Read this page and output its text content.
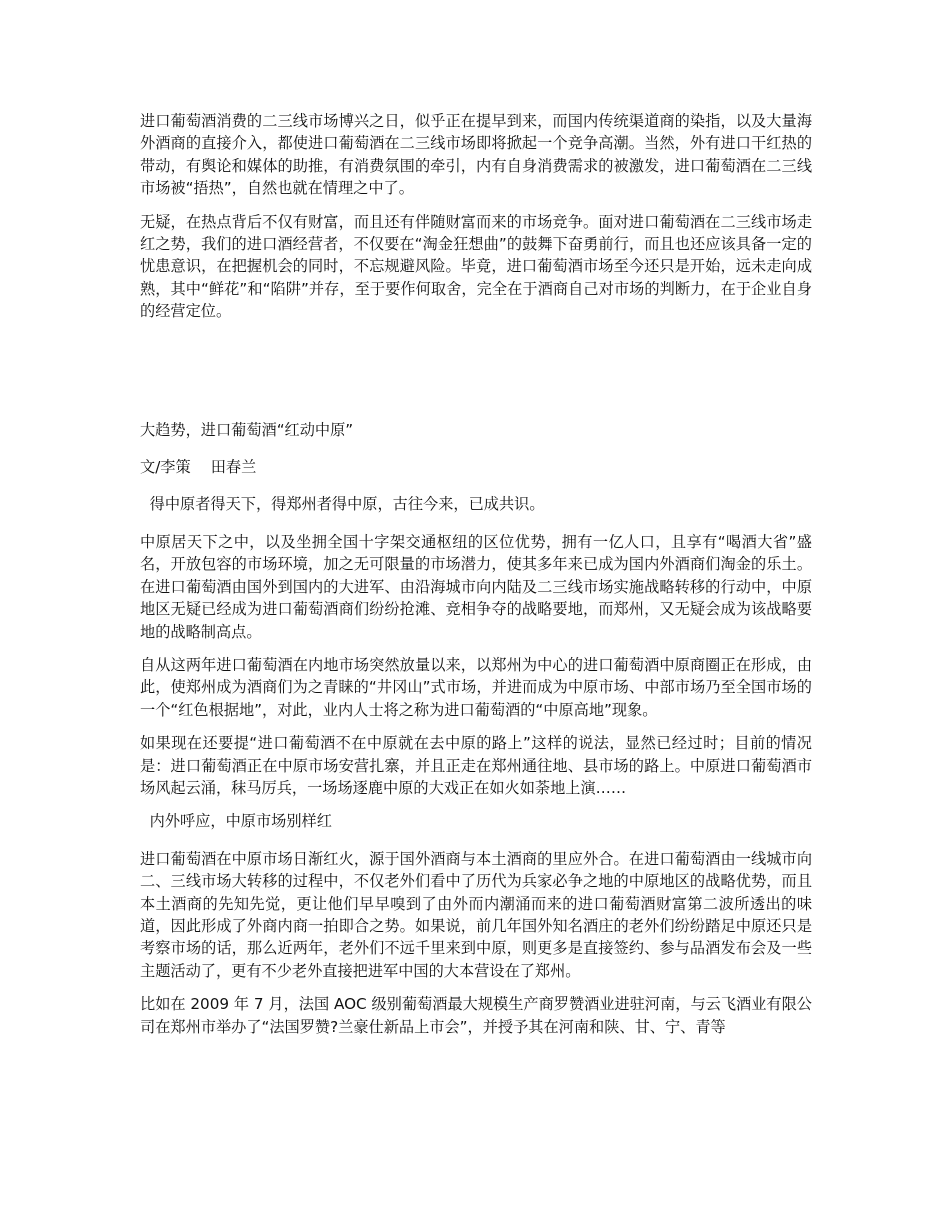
进口葡萄酒消费的二三线市场博兴之日，似乎正在提早到来，而国内传统渠道商的染指，以及大量海外酒商的直接介入，都使进口葡萄酒在二三线市场即将掀起一个竞争高潮。当然，外有进口干红热的带动，有舆论和媒体的助推，有消费氛围的牵引，内有自身消费需求的被激发，进口葡萄酒在二三线市场被“捂热”，自然也就在情理之中了。

无疑，在热点背后不仅有财富，而且还有伴随财富而来的市场竞争。面对进口葡萄酒在二三线市场走红之势，我们的进口酒经营者，不仅要在“淘金狂想曲”的鼓舞下奋勇前行，而且也还应该具备一定的忧患意识，在把握机会的同时，不忘规避风险。毕竟，进口葡萄酒市场至今还只是开始，远未走向成熟，其中“鲜花”和“陷阱”并存，至于要作何取舍，完全在于酒商自己对市场的判断力，在于企业自身的经营定位。

大趋势，进口葡萄酒“红动中原”

文/李策　 田春兰

得中原者得天下，得郑州者得中原，古往今来，已成共识。

中原居天下之中，以及坐拥全国十字架交通枢纽的区位优势，拥有一亿人口，且享有“喝酒大省”盛名，开放包容的市场环境，加之无可限量的市场潜力，使其多年来已成为国内外酒商们淘金的乐土。在进口葡萄酒由国外到国内的大进军、由沿海城市向内陆及二三线市场实施战略转移的行动中，中原地区无疑已经成为进口葡萄酒商们纷纷抢滩、竞相争夺的战略要地，而郑州，又无疑会成为该战略要地的战略制高点。

自从这两年进口葡萄酒在内地市场突然放量以来，以郑州为中心的进口葡萄酒中原商圈正在形成，由此，使郑州成为酒商们为之青睐的“井冈山”式市场，并进而成为中原市场、中部市场乃至全国市场的一个“红色根据地”，对此，业内人士将之称为进口葡萄酒的“中原高地”现象。

如果现在还要提“进口葡萄酒不在中原就在去中原的路上”这样的说法，显然已经过时；目前的情况是：进口葡萄酒正在中原市场安营扎寨，并且正走在郑州通往地、县市场的路上。中原进口葡萄酒市场风起云涌，秣马厉兵，一场场逐鹿中原的大戏正在如火如荼地上演……

内外呼应，中原市场别样红

进口葡萄酒在中原市场日渐红火，源于国外酒商与本土酒商的里应外合。在进口葡萄酒由一线城市向二、三线市场大转移的过程中，不仅老外们看中了历代为兵家必争之地的中原地区的战略优势，而且本土酒商的先知先觉，更让他们早早嗅到了由外而内潮涌而来的进口葡萄酒财富第二波所透出的味道，因此形成了外商内商一拍即合之势。如果说，前几年国外知名酒庄的老外们纷纷踏足中原还只是考察市场的话，那么近两年，老外们不远千里来到中原，则更多是直接签约、参与品酒发布会及一些主题活动了，更有不少老外直接把进军中国的大本营设在了郑州。

比如在 2009 年 7 月，法国 AOC 级别葡萄酒最大规模生产商罗赞酒业进驻河南，与云飞酒业有限公司在郑州市举办了“法国罗赞?兰豪仕新品上市会”，并授予其在河南和陕、甘、宁、青等
